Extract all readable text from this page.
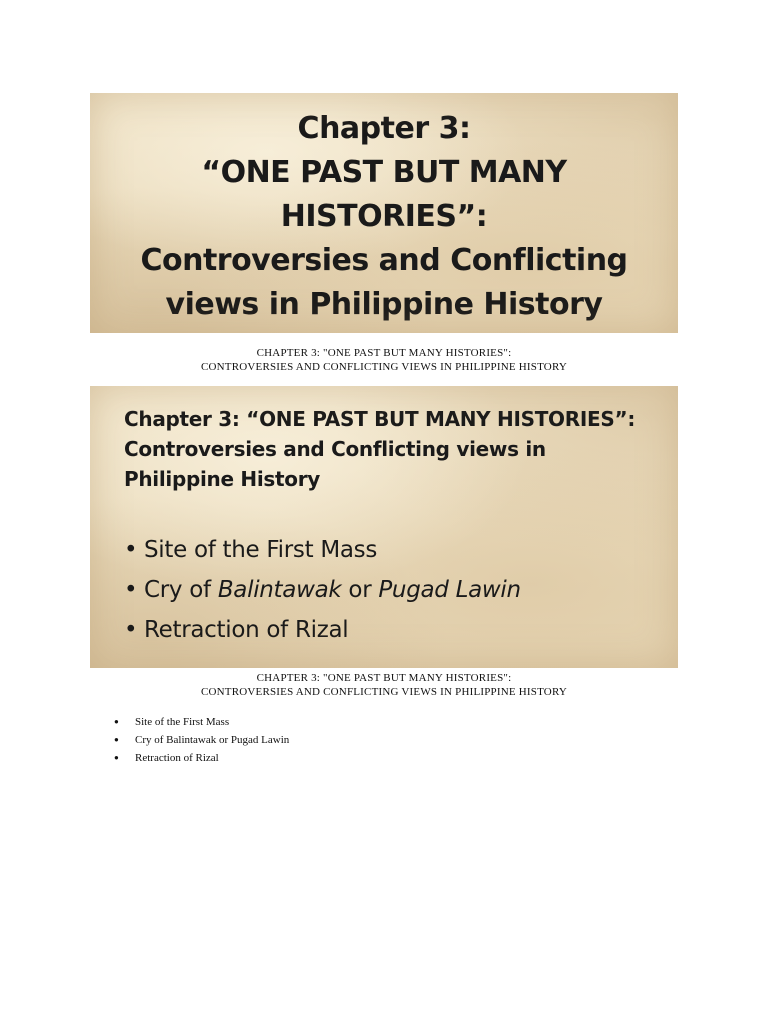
Chapter 3:
“ONE PAST BUT MANY
HISTORIES”:
Controversies and Conflicting
views in Philippine History
CHAPTER 3: "ONE PAST BUT MANY HISTORIES":
CONTROVERSIES AND CONFLICTING VIEWS IN PHILIPPINE HISTORY
Chapter 3: “ONE PAST BUT MANY HISTORIES”:
Controversies and Conflicting views in
Philippine History
• Site of the First Mass
• Cry of Balintawak or Pugad Lawin
• Retraction of Rizal
CHAPTER 3: "ONE PAST BUT MANY HISTORIES":
CONTROVERSIES AND CONFLICTING VIEWS IN PHILIPPINE HISTORY
● Site of the First Mass
● Cry of Balintawak or Pugad Lawin
● Retraction of Rizal
